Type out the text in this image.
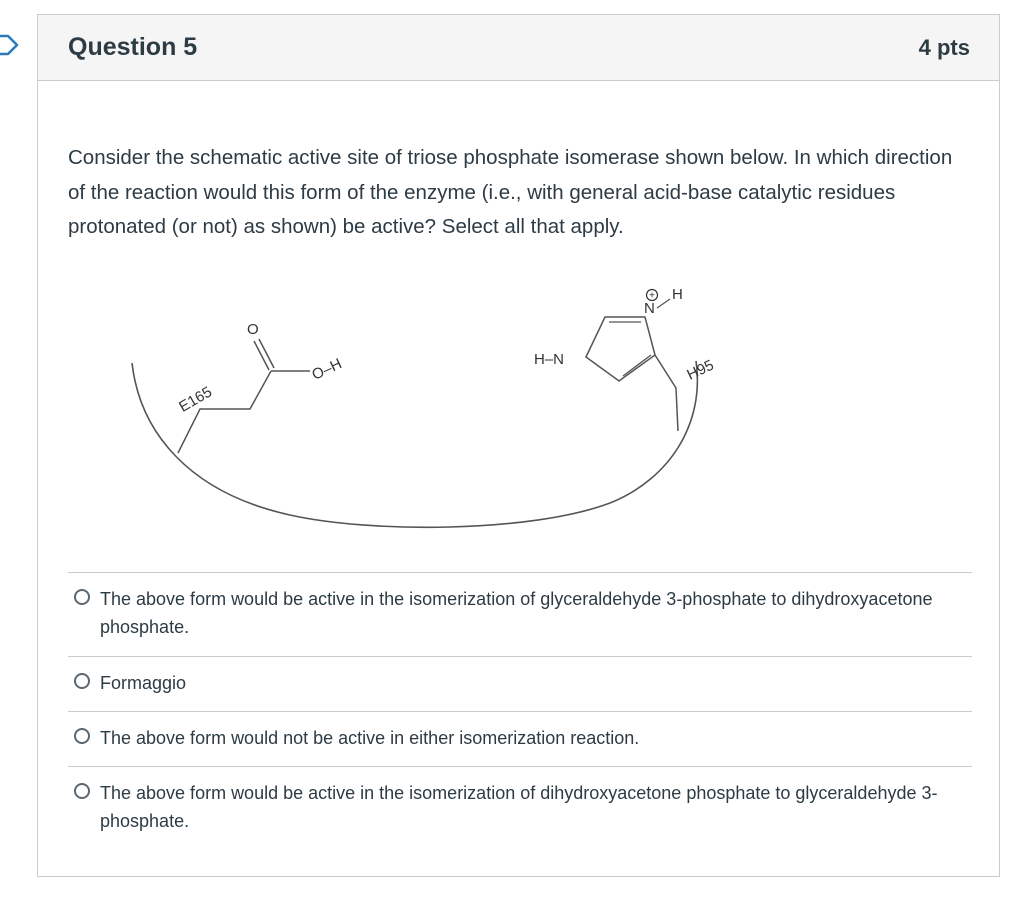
Question 5	4 pts
Consider the schematic active site of triose phosphate isomerase shown below. In which direction of the reaction would this form of the enzyme (i.e., with general acid-base catalytic residues protonated (or not) as shown) be active? Select all that apply.
E165
O
O–H	H–N
+
N
H
H95
The above form would be active in the isomerization of glyceraldehyde 3-phosphate to dihydroxyacetone phosphate.
Formaggio
The above form would not be active in either isomerization reaction.
The above form would be active in the isomerization of dihydroxyacetone phosphate to glyceraldehyde 3-phosphate.
